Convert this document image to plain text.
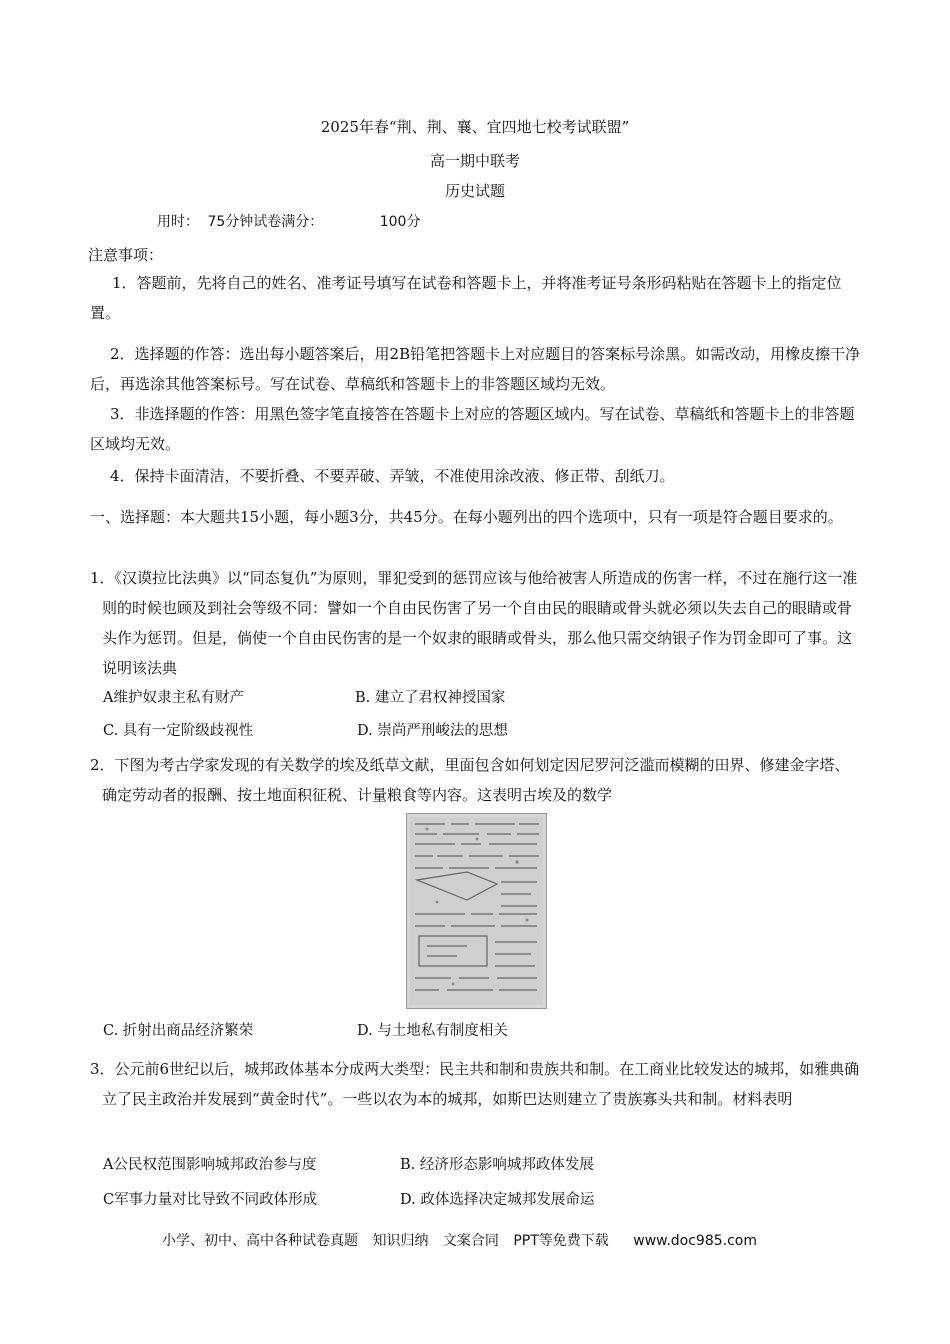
2025年春“荆、荆、襄、宜四地七校考试联盟”
高一期中联考
历史试题
用时： 75分钟试卷满分：	100分
注意事项：
1．答题前，先将自己的姓名、准考证号填写在试卷和答题卡上，并将准考证号条形码粘贴在答题卡上的指定位置。
2．选择题的作答：选出每小题答案后，用2B铅笔把答题卡上对应题目的答案标号涂黑。如需改动，用橡皮擦干净后，再选涂其他答案标号。写在试卷、草稿纸和答题卡上的非答题区域均无效。
3．非选择题的作答：用黑色签字笔直接答在答题卡上对应的答题区域内。写在试卷、草稿纸和答题卡上的非答题区域均无效。
4．保持卡面清洁，不要折叠、不要弄破、弄皱，不准使用涂改液、修正带、刮纸刀。
一、选择题：本大题共15小题，每小题3分，共45分。在每小题列出的四个选项中，只有一项是符合题目要求的。
1．《汉谟拉比法典》以“同态复仇”为原则，罪犯受到的惩罚应该与他给被害人所造成的伤害一样，不过在施行这一准则的时候也顾及到社会等级不同：譬如一个自由民伤害了另一个自由民的眼睛或骨头就必须以失去自己的眼睛或骨头作为惩罚。但是，倘使一个自由民伤害的是一个奴隶的眼睛或骨头，那么他只需交纳银子作为罚金即可了事。这说明该法典
A维护奴隶主私有财产	B. 建立了君权神授国家
C. 具有一定阶级歧视性	D. 崇尚严刑峻法的思想
2．下图为考古学家发现的有关数学的埃及纸草文献，里面包含如何划定因尼罗河泛滥而模糊的田界、修建金字塔、确定劳动者的报酬、按土地面积征税、计量粮食等内容。这表明古埃及的数学
C. 折射出商品经济繁荣	D. 与土地私有制度相关
3．公元前6世纪以后，城邦政体基本分成两大类型：民主共和制和贵族共和制。在工商业比较发达的城邦，如雅典确立了民主政治并发展到“黄金时代”。一些以农为本的城邦，如斯巴达则建立了贵族寡头共和制。材料表明
A公民权范围影响城邦政治参与度	B. 经济形态影响城邦政体发展
C军事力量对比导致不同政体形成	D. 政体选择决定城邦发展命运
小学、初中、高中各种试卷真题 知识归纳 文案合同 PPT等免费下载 www.doc985.com
